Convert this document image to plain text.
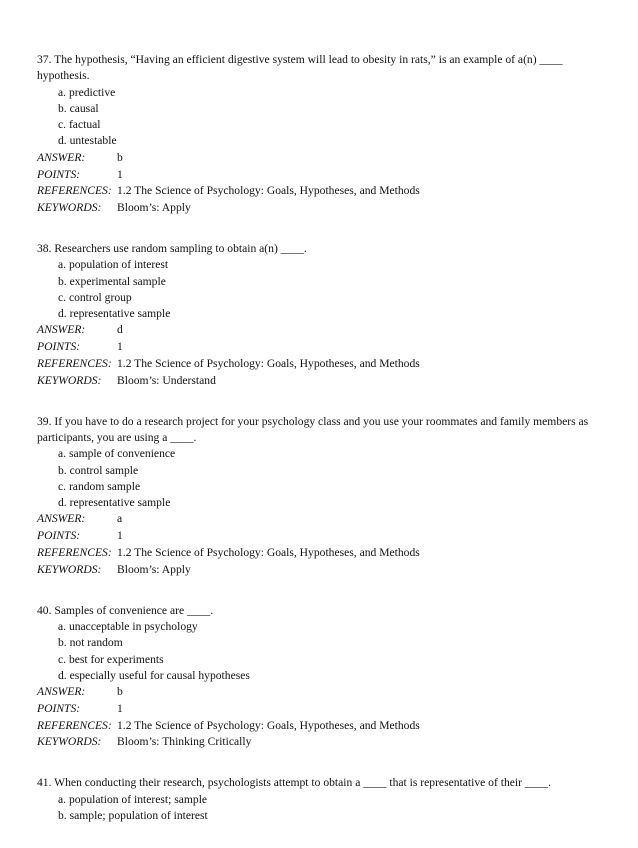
37. The hypothesis, “Having an efficient digestive system will lead to obesity in rats,” is an example of a(n) ____ hypothesis.

a. predictive
b. causal
c. factual
d. untestable
ANSWER:	b
POINTS:	1
REFERENCES: 1.2 The Science of Psychology: Goals, Hypotheses, and Methods
KEYWORDS:	Bloom’s: Apply

38. Researchers use random sampling to obtain a(n) ____.

a. population of interest
b. experimental sample
c. control group
d. representative sample
ANSWER:	d
POINTS:	1
REFERENCES: 1.2 The Science of Psychology: Goals, Hypotheses, and Methods
KEYWORDS:	Bloom’s: Understand

39. If you have to do a research project for your psychology class and you use your roommates and family members as participants, you are using a ____.

a. sample of convenience
b. control sample
c. random sample
d. representative sample
ANSWER:	a
POINTS:	1
REFERENCES: 1.2 The Science of Psychology: Goals, Hypotheses, and Methods
KEYWORDS:	Bloom’s: Apply

40. Samples of convenience are ____.

a. unacceptable in psychology
b. not random
c. best for experiments
d. especially useful for causal hypotheses
ANSWER:	b
POINTS:	1
REFERENCES: 1.2 The Science of Psychology: Goals, Hypotheses, and Methods
KEYWORDS:	Bloom’s: Thinking Critically

41. When conducting their research, psychologists attempt to obtain a ____ that is representative of their ____.

a. population of interest; sample
b. sample; population of interest
